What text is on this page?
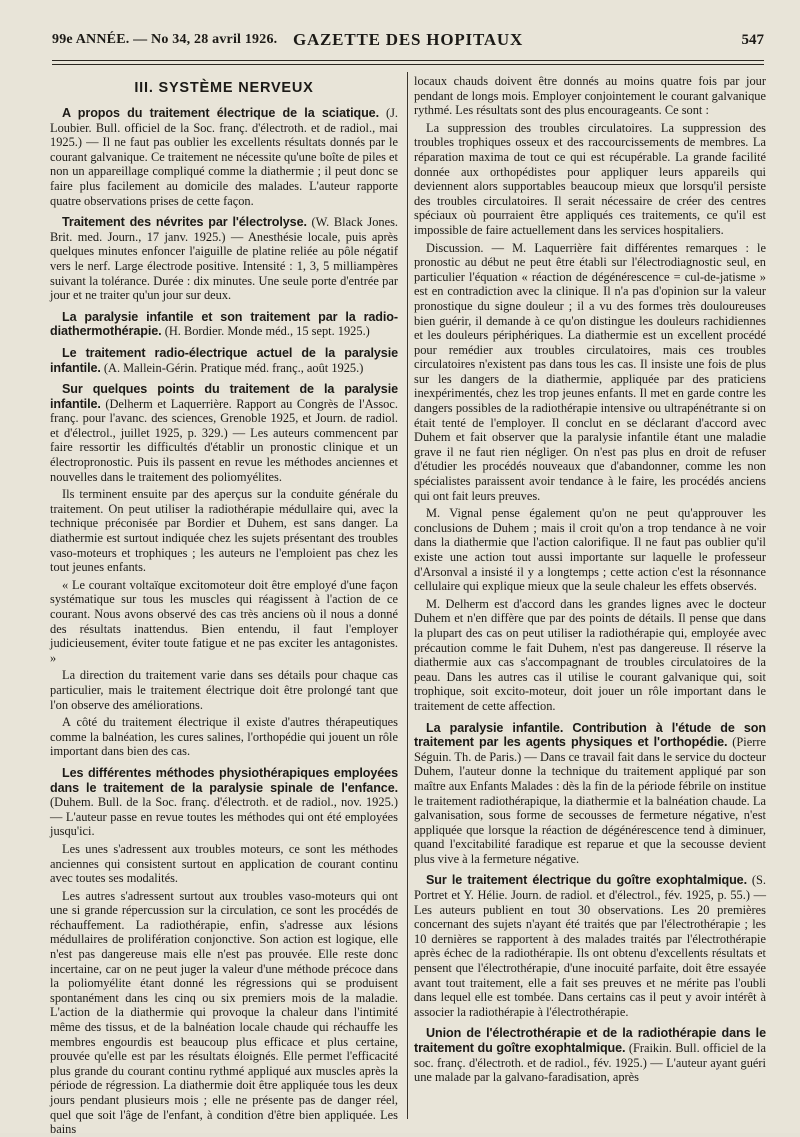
99e ANNÉE. — No 34, 28 avril 1926. GAZETTE DES HOPITAUX	547
III. SYSTÈME NERVEUX

A propos du traitement électrique de la sciatique. (J. Loubier. Bull. officiel de la Soc. franç. d'électroth. et de radiol., mai 1925.) — Il ne faut pas oublier les excellents résultats donnés par le courant galvanique. Ce traitement ne nécessite qu'une boîte de piles et non un appareillage compliqué comme la diathermie ; il peut donc se faire plus facilement au domicile des malades. L'auteur rapporte quatre observations prises de cette façon.

Traitement des névrites par l'électrolyse. (W. Black Jones. Brit. med. Journ., 17 janv. 1925.) — Anesthésie locale, puis après quelques minutes enfoncer l'aiguille de platine reliée au pôle négatif vers le nerf. Large électrode positive. Intensité : 1, 3, 5 milliampères suivant la tolérance. Durée : dix minutes. Une seule porte d'entrée par jour et ne traiter qu'un jour sur deux.

La paralysie infantile et son traitement par la radio-diathermothérapie. (H. Bordier. Monde méd., 15 sept. 1925.)

Le traitement radio-électrique actuel de la paralysie infantile. (A. Mallein-Gérin. Pratique méd. franç., août 1925.)

Sur quelques points du traitement de la paralysie infantile. (Delherm et Laquerrière. Rapport au Congrès de l'Assoc. franç. pour l'avanc. des sciences, Grenoble 1925, et Journ. de radiol. et d'électrol., juillet 1925, p. 329.) — Les auteurs commencent par faire ressortir les difficultés d'établir un pronostic clinique et un électropronostic. Puis ils passent en revue les méthodes anciennes et nouvelles dans le traitement des poliomyélites.

Ils terminent ensuite par des aperçus sur la conduite générale du traitement. On peut utiliser la radiothérapie médullaire qui, avec la technique préconisée par Bordier et Duhem, est sans danger. La diathermie est surtout indiquée chez les sujets présentant des troubles vaso-moteurs et trophiques ; les auteurs ne l'emploient pas chez les tout jeunes enfants.

« Le courant voltaïque excitomoteur doit être employé d'une façon systématique sur tous les muscles qui réagissent à l'action de ce courant. Nous avons observé des cas très anciens où il nous a donné des résultats inattendus. Bien entendu, il faut l'employer judicieusement, éviter toute fatigue et ne pas exciter les antagonistes. »

La direction du traitement varie dans ses détails pour chaque cas particulier, mais le traitement électrique doit être prolongé tant que l'on observe des améliorations.

A côté du traitement électrique il existe d'autres thérapeutiques comme la balnéation, les cures salines, l'orthopédie qui jouent un rôle important dans bien des cas.

Les différentes méthodes physiothérapiques employées dans le traitement de la paralysie spinale de l'enfance. (Duhem. Bull. de la Soc. franç. d'électroth. et de radiol., nov. 1925.) — L'auteur passe en revue toutes les méthodes qui ont été employées jusqu'ici.

Les unes s'adressent aux troubles moteurs, ce sont les méthodes anciennes qui consistent surtout en application de courant continu avec toutes ses modalités.

Les autres s'adressent surtout aux troubles vaso-moteurs qui ont une si grande répercussion sur la circulation, ce sont les procédés de réchauffement. La radiothérapie, enfin, s'adresse aux lésions médullaires de prolifération conjonctive. Son action est logique, elle n'est pas dangereuse mais elle n'est pas prouvée. Elle reste donc incertaine, car on ne peut juger la valeur d'une méthode précoce dans la poliomyélite étant donné les régressions qui se produisent spontanément dans les cinq ou six premiers mois de la maladie. L'action de la diathermie qui provoque la chaleur dans l'intimité même des tissus, et de la balnéation locale chaude qui réchauffe les membres engourdis est beaucoup plus efficace et plus certaine, prouvée qu'elle est par les résultats éloignés. Elle permet l'efficacité plus grande du courant continu rythmé appliqué aux muscles après la période de régression. La diathermie doit être appliquée tous les deux jours pendant plusieurs mois ; elle ne présente pas de danger réel, quel que soit l'âge de l'enfant, à condition d'être bien appliquée. Les bains

locaux chauds doivent être donnés au moins quatre fois par jour pendant de longs mois. Employer conjointement le courant galvanique rythmé. Les résultats sont des plus encourageants. Ce sont :

La suppression des troubles circulatoires. La suppression des troubles trophiques osseux et des raccourcissements de membres. La réparation maxima de tout ce qui est récupérable. La grande facilité donnée aux orthopédistes pour appliquer leurs appareils qui deviennent alors supportables beaucoup mieux que lorsqu'il persiste des troubles circulatoires. Il serait nécessaire de créer des centres spéciaux où pourraient être appliqués ces traitements, ce qu'il est impossible de faire actuellement dans les services hospitaliers.

Discussion. — M. Laquerrière fait différentes remarques : le pronostic au début ne peut être établi sur l'électrodiagnostic seul, en particulier l'équation « réaction de dégénérescence = cul-de-jatisme » est en contradiction avec la clinique. Il n'a pas d'opinion sur la valeur pronostique du signe douleur ; il a vu des formes très douloureuses bien guérir, il demande à ce qu'on distingue les douleurs rachidiennes et les douleurs périphériques. La diathermie est un excellent procédé pour remédier aux troubles circulatoires, mais ces troubles circulatoires n'existent pas dans tous les cas. Il insiste une fois de plus sur les dangers de la diathermie, appliquée par des praticiens inexpérimentés, chez les trop jeunes enfants. Il met en garde contre les dangers possibles de la radiothérapie intensive ou ultrapénétrante si on était tenté de l'employer. Il conclut en se déclarant d'accord avec Duhem et fait observer que la paralysie infantile étant une maladie grave il ne faut rien négliger. On n'est pas plus en droit de refuser d'étudier les procédés nouveaux que d'abandonner, comme les non spécialistes paraissent avoir tendance à le faire, les procédés anciens qui ont fait leurs preuves.

M. Vignal pense également qu'on ne peut qu'approuver les conclusions de Duhem ; mais il croit qu'on a trop tendance à ne voir dans la diathermie que l'action calorifique. Il ne faut pas oublier qu'il existe une action tout aussi importante sur laquelle le professeur d'Arsonval a insisté il y a longtemps ; cette action c'est la résonnance cellulaire qui explique mieux que la seule chaleur les effets observés.

M. Delherm est d'accord dans les grandes lignes avec le docteur Duhem et n'en diffère que par des points de détails. Il pense que dans la plupart des cas on peut utiliser la radiothérapie qui, employée avec précaution comme le fait Duhem, n'est pas dangereuse. Il réserve la diathermie aux cas s'accompagnant de troubles circulatoires de la peau. Dans les autres cas il utilise le courant galvanique qui, soit trophique, soit excito-moteur, doit jouer un rôle important dans le traitement de cette affection.

La paralysie infantile. Contribution à l'étude de son traitement par les agents physiques et l'orthopédie. (Pierre Séguin. Th. de Paris.) — Dans ce travail fait dans le service du docteur Duhem, l'auteur donne la technique du traitement appliqué par son maître aux Enfants Malades : dès la fin de la période fébrile on institue le traitement radiothérapique, la diathermie et la balnéation chaude. La galvanisation, sous forme de secousses de fermeture négative, n'est appliquée que lorsque la réaction de dégénérescence tend à diminuer, quand l'excitabilité faradique est reparue et que la secousse devient plus vive à la fermeture négative.

Sur le traitement électrique du goître exophtalmique. (S. Portret et Y. Hélie. Journ. de radiol. et d'électrol., fév. 1925, p. 55.) — Les auteurs publient en tout 30 observations. Les 20 premières concernant des sujets n'ayant été traités que par l'électrothérapie ; les 10 dernières se rapportent à des malades traités par l'électrothérapie après échec de la radiothérapie. Ils ont obtenu d'excellents résultats et pensent que l'électrothérapie, d'une inocuité parfaite, doit être essayée avant tout traitement, elle a fait ses preuves et ne mérite pas l'oubli dans lequel elle est tombée. Dans certains cas il peut y avoir intérêt à associer la radiothérapie à l'électrothérapie.

Union de l'électrothérapie et de la radiothérapie dans le traitement du goître exophtalmique. (Fraikin. Bull. officiel de la soc. franç. d'électroth. et de radiol., fév. 1925.) — L'auteur ayant guéri une malade par la galvano-faradisation, après
